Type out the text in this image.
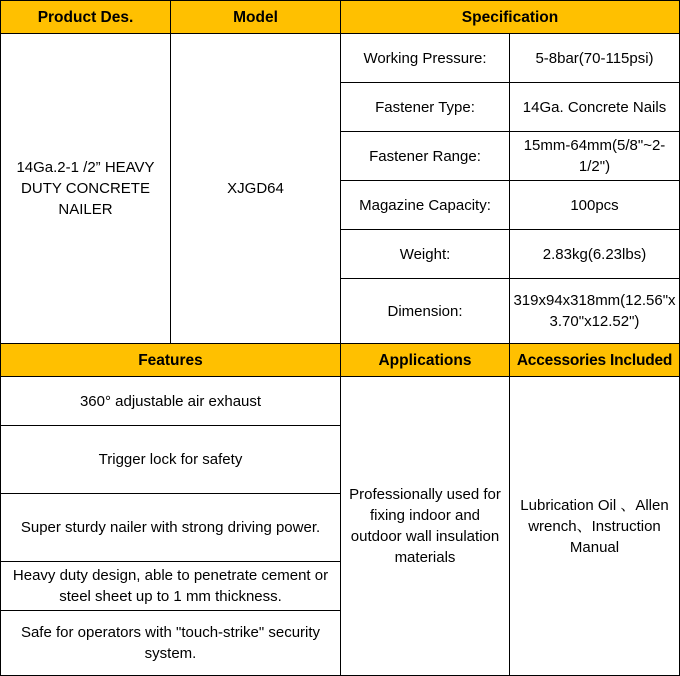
Product Des.	Model	Specification	
14Ga.2-1 /2” HEAVY DUTY CONCRETE NAILER	XJGD64	Working Pressure:	5-8bar(70-115psi)
		Fastener Type:	14Ga. Concrete Nails
		Fastener Range:	15mm-64mm(5/8"~2-1/2")
		Magazine Capacity:	100pcs
		Weight:	2.83kg(6.23lbs)
		Dimension:	319x94x318mm(12.56"x3.70"x12.52")
Features		Applications	Accessories Included
360° adjustable air exhaust		Professionally used for fixing indoor and outdoor wall insulation materials	Lubrication Oil 、Allen wrench、Instruction Manual
Trigger lock for safety			
Super sturdy nailer with strong driving power.			
Heavy duty design, able to penetrate cement or steel sheet up to 1 mm thickness.			
Safe for operators with "touch-strike" security system.			
